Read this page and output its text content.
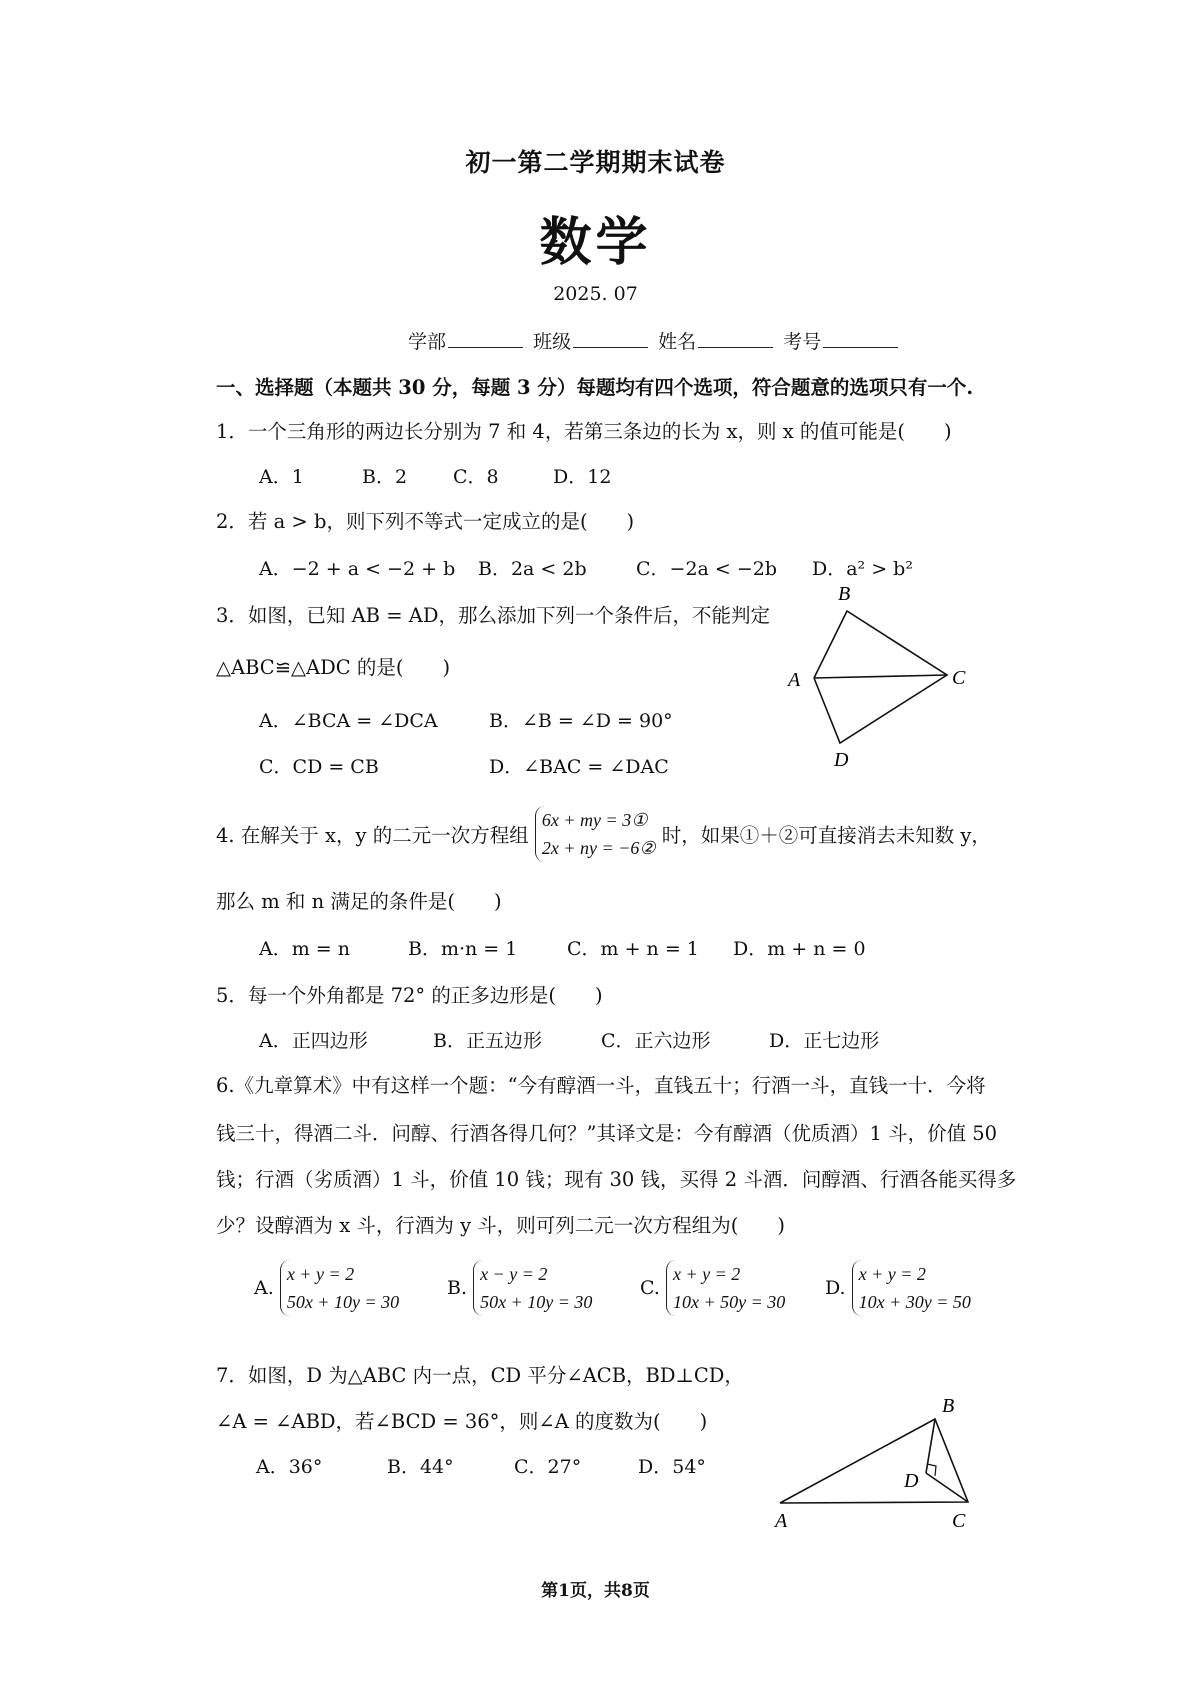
初一第二学期期末试卷
数学
2025. 07
学部	班级	姓名	考号
一、选择题（本题共 30 分，每题 3 分）每题均有四个选项，符合题意的选项只有一个.
1．一个三角形的两边长分别为 7 和 4，若第三条边的长为 x，则 x 的值可能是(　　)
A．1	B．2 C．8	D．12
2．若 a > b，则下列不等式一定成立的是(　　)
A．−2 + a < −2 + b B．2a < 2b	C．−2a < −2b D．a² > b²
3．如图，已知 AB = AD，那么添加下列一个条件后，不能判定
△ABC≌△ADC 的是(　　)
A．∠BCA = ∠DCA	B．∠B = ∠D = 90°
C．CD = CB	D．∠BAC = ∠DAC
B
A	C
D
4. 在解关于 x，y 的二元一次方程组
6x + my = 3①
2x + ny = −6②
时，如果①＋②可直接消去未知数 y，
那么 m 和 n 满足的条件是(　　)
A．m = n	B．m·n = 1	C．m + n = 1 D．m + n = 0
5．每一个外角都是 72° 的正多边形是(　　)
A．正四边形	B．正五边形	C．正六边形	D．正七边形
6.《九章算术》中有这样一个题：“今有醇酒一斗，直钱五十；行酒一斗，直钱一十．今将
钱三十，得酒二斗．问醇、行酒各得几何？”其译文是：今有醇酒（优质酒）1 斗，价值 50
钱；行酒（劣质酒）1 斗，价值 10 钱；现有 30 钱，买得 2 斗酒．问醇酒、行酒各能买得多
少？设醇酒为 x 斗，行酒为 y 斗，则可列二元一次方程组为(　　)
A.
x + y = 2
50x + 10y = 30
B.
x − y = 2
50x + 10y = 30
C.
x + y = 2
10x + 50y = 30
D.
x + y = 2
10x + 30y = 50
7．如图，D 为△ABC 内一点，CD 平分∠ACB，BD⊥CD，
∠A = ∠ABD，若∠BCD = 36°，则∠A 的度数为(　　)
A．36°	B．44°	C．27°	D．54°
B
D
A	C
第1页，共8页
